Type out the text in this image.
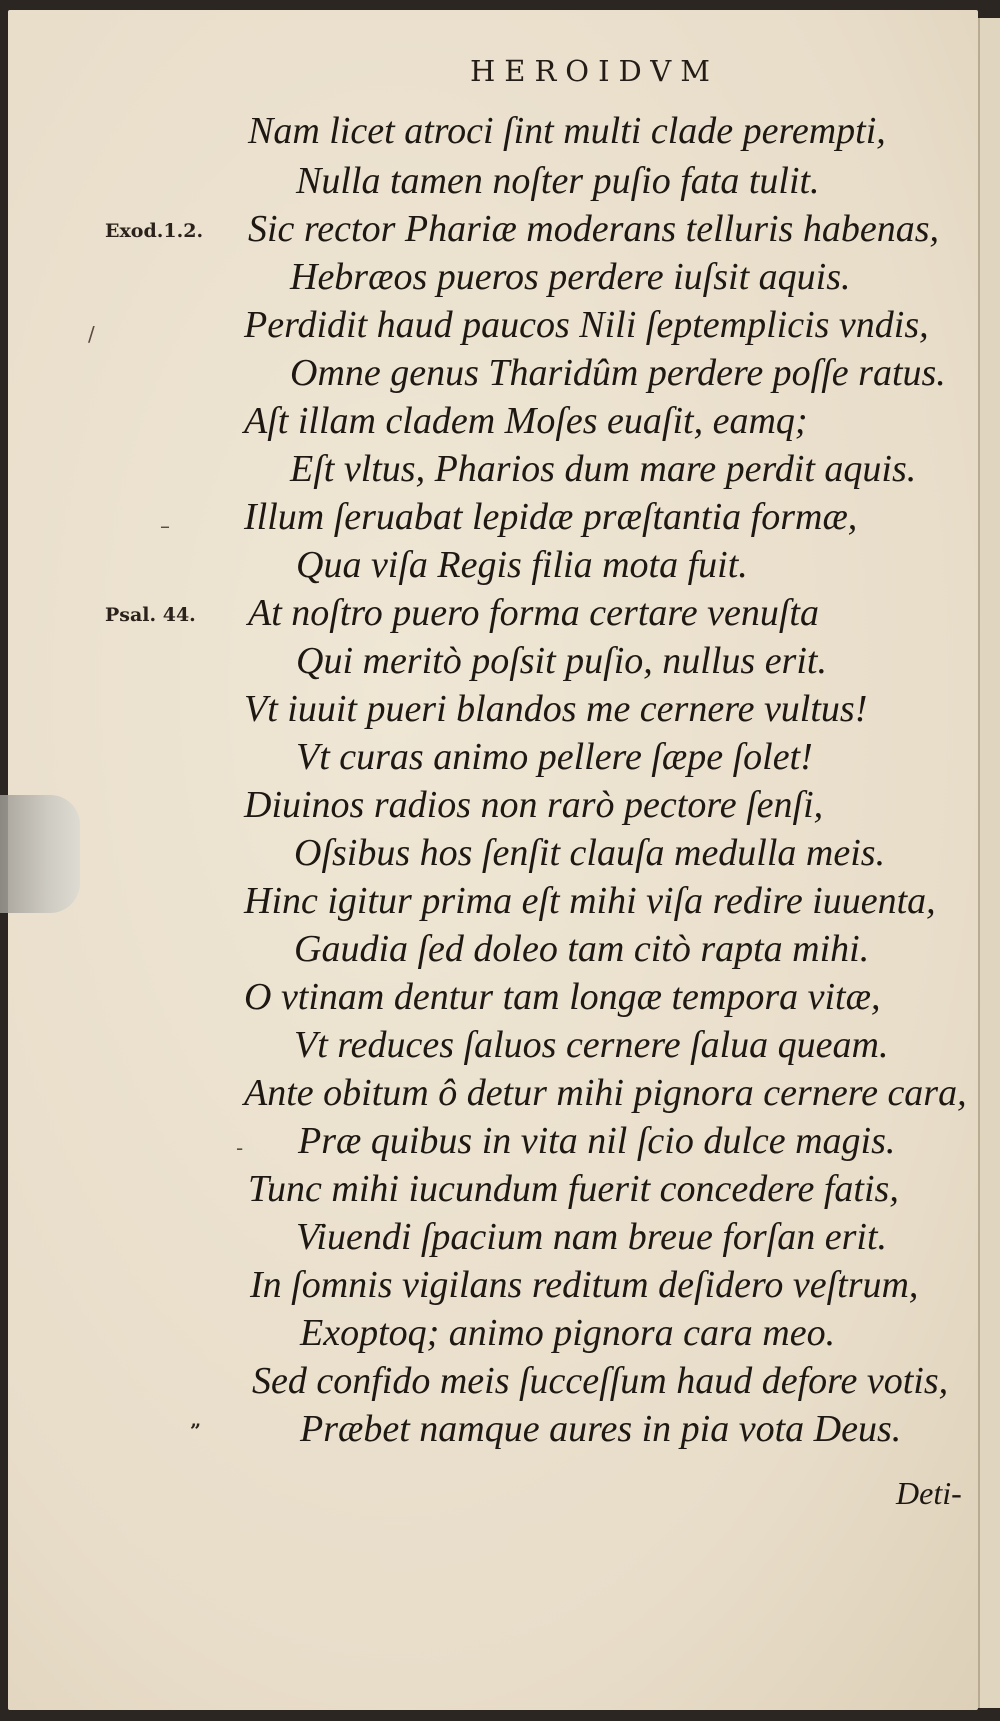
HEROIDVM
Exod.1.2.
Psal. 44.
”
/
–
-
Nam licet atroci ſint multi clade perempti,
Nulla tamen noſter puſio fata tulit.
Sic rector Phariæ moderans telluris habenas,
Hebræos pueros perdere iuſsit aquis.
Perdidit haud paucos Nili ſeptemplicis vndis,
Omne genus Tharidûm perdere poſſe ratus.
Aſt illam cladem Moſes euaſit, eamq;
Eſt vltus, Pharios dum mare perdit aquis.
Illum ſeruabat lepidæ præſtantia formæ,
Qua viſa Regis filia mota fuit.
At noſtro puero forma certare venuſta
Qui meritò poſsit puſio, nullus erit.
Vt iuuit pueri blandos me cernere vultus!
Vt curas animo pellere ſæpe ſolet!
Diuinos radios non rarò pectore ſenſi,
Oſsibus hos ſenſit clauſa medulla meis.
Hinc igitur prima eſt mihi viſa redire iuuenta,
Gaudia ſed doleo tam citò rapta mihi.
O vtinam dentur tam longæ tempora vitæ,
Vt reduces ſaluos cernere ſalua queam.
Ante obitum ô detur mihi pignora cernere cara,
Præ quibus in vita nil ſcio dulce magis.
Tunc mihi iucundum fuerit concedere fatis,
Viuendi ſpacium nam breue forſan erit.
In ſomnis vigilans reditum deſidero veſtrum,
Exoptoq; animo pignora cara meo.
Sed confido meis ſucceſſum haud defore votis,
Præbet namque aures in pia vota Deus.
Deti-
